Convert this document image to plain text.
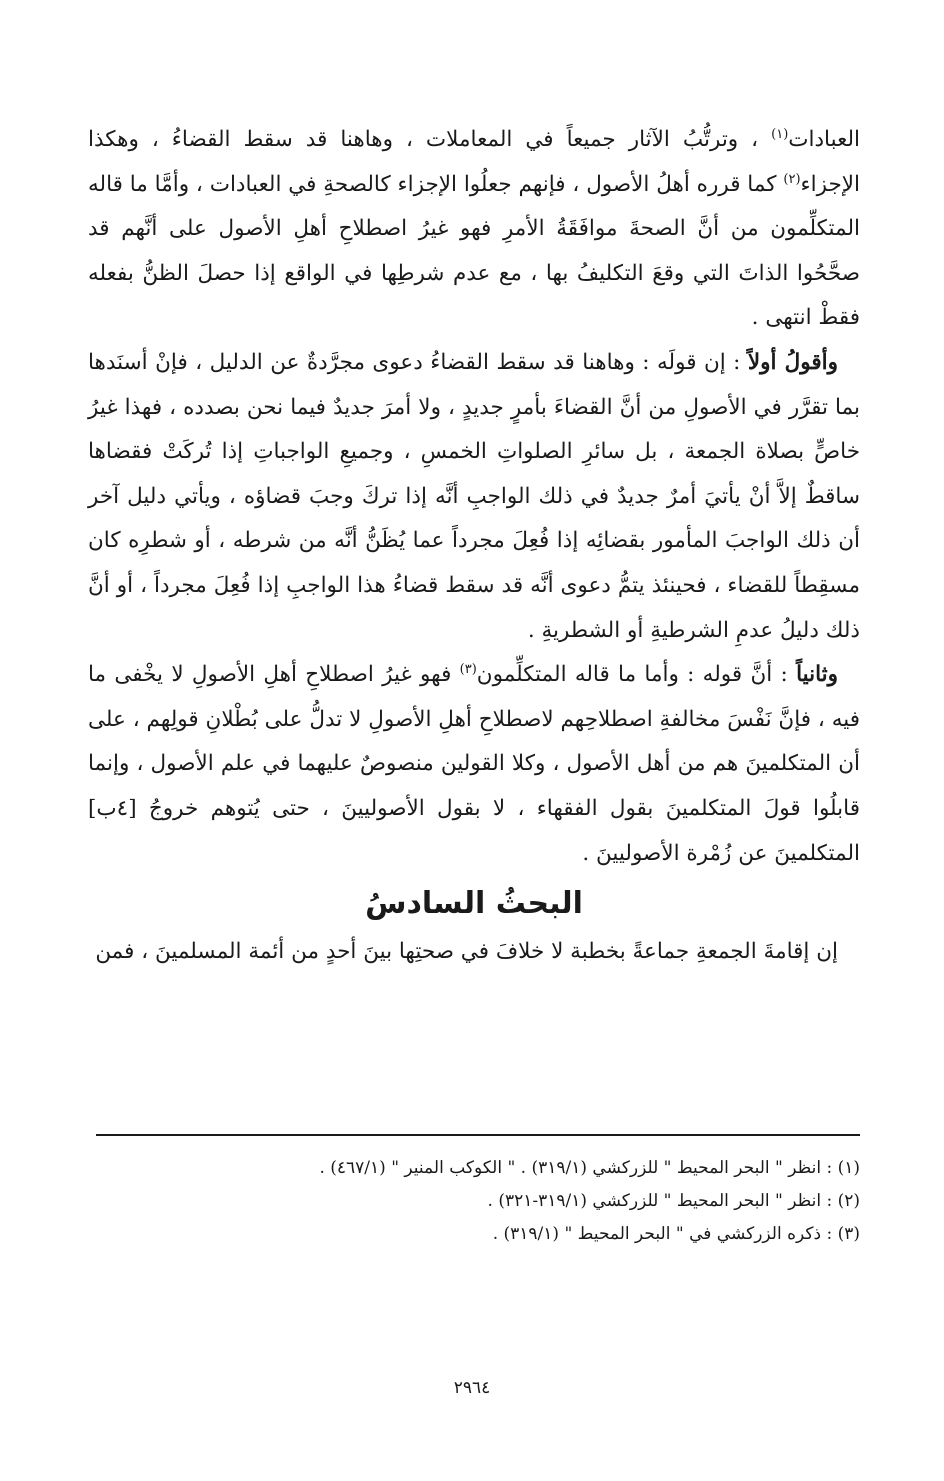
العبادات$^{(١)}$ ، وترتُّبُ الآثار جميعاً في المعاملات ، وهاهنا قد سقط القضاءُ ، وهكذا الإجزاء$^{(٢)}$ كما قرره أهلُ الأصول ، فإنهم جعلُوا الإجزاء كالصحةِ في العبادات ، وأمَّا ما قاله المتكلِّمون من أنَّ الصحةَ موافَقَةُ الأمرِ فهو غيرُ اصطلاحِ أهلِ الأصول على أنَّهم قد صحَّحُوا الذاتَ التي وقعَ التكليفُ بها ، مع عدم شرطِها في الواقع إذا حصلَ الظنُّ بفعله فقطْ انتهى .

وأقولُ أولاً : إن قولَه : وهاهنا قد سقط القضاءُ دعوى مجرَّدةٌ عن الدليل ، فإنْ أسنَدها بما تقرَّر في الأصولِ من أنَّ القضاءَ بأمرٍ جديدٍ ، ولا أمرَ جديدٌ فيما نحن بصدده ، فهذا غيرُ خاصٍّ بصلاة الجمعة ، بل سائرِ الصلواتِ الخمسِ ، وجميعِ الواجباتِ إذا تُركَتْ فقضاها ساقطٌ إلاَّ أنْ يأتيَ أمرٌ جديدٌ في ذلك الواجبِ أنَّه إذا تركَ وجبَ قضاؤه ، ويأتي دليل آخر أن ذلك الواجبَ المأمور بقضائِه إذا فُعِلَ مجرداً عما يُظَنُّ أنَّه من شرطه ، أو شطرِه كان مسقِطاً للقضاء ، فحينئذ يتمُّ دعوى أنَّه قد سقط قضاءُ هذا الواجبِ إذا فُعِلَ مجرداً ، أو أنَّ ذلك دليلُ عدمِ الشرطيةِ أو الشطريةِ .

وثانياً : أنَّ قوله : وأما ما قاله المتكلِّمون$^{(٣)}$ فهو غيرُ اصطلاحِ أهلِ الأصولِ لا يخْفى ما فيه ، فإنَّ نَفْسَ مخالفةِ اصطلاحِهم لاصطلاحِ أهلِ الأصولِ لا تدلُّ على بُطْلانِ قولِهم ، على أن المتكلمينَ هم من أهل الأصول ، وكلا القولين منصوصٌ عليهما في علم الأصول ، وإنما قابلُوا قولَ المتكلمينَ بقول الفقهاء ، لا بقول الأصوليينَ ، حتى يُتوهم خروجُ [٤ب] المتكلمينَ عن زُمْرة الأصوليينَ .

البحثُ السادسُ

إن إقامةَ الجمعةِ جماعةً بخطبة لا خلافَ في صحتِها بينَ أحدٍ من أئمة المسلمينَ ، فمن

(١) : انظر " البحر المحيط " للزركشي (٣١٩/١) . " الكوكب المنير " (٤٦٧/١) .

(٢) : انظر " البحر المحيط " للزركشي (٣١٩/١-٣٢١) .

(٣) : ذكره الزركشي في " البحر المحيط " (٣١٩/١) .

٢٩٦٤
